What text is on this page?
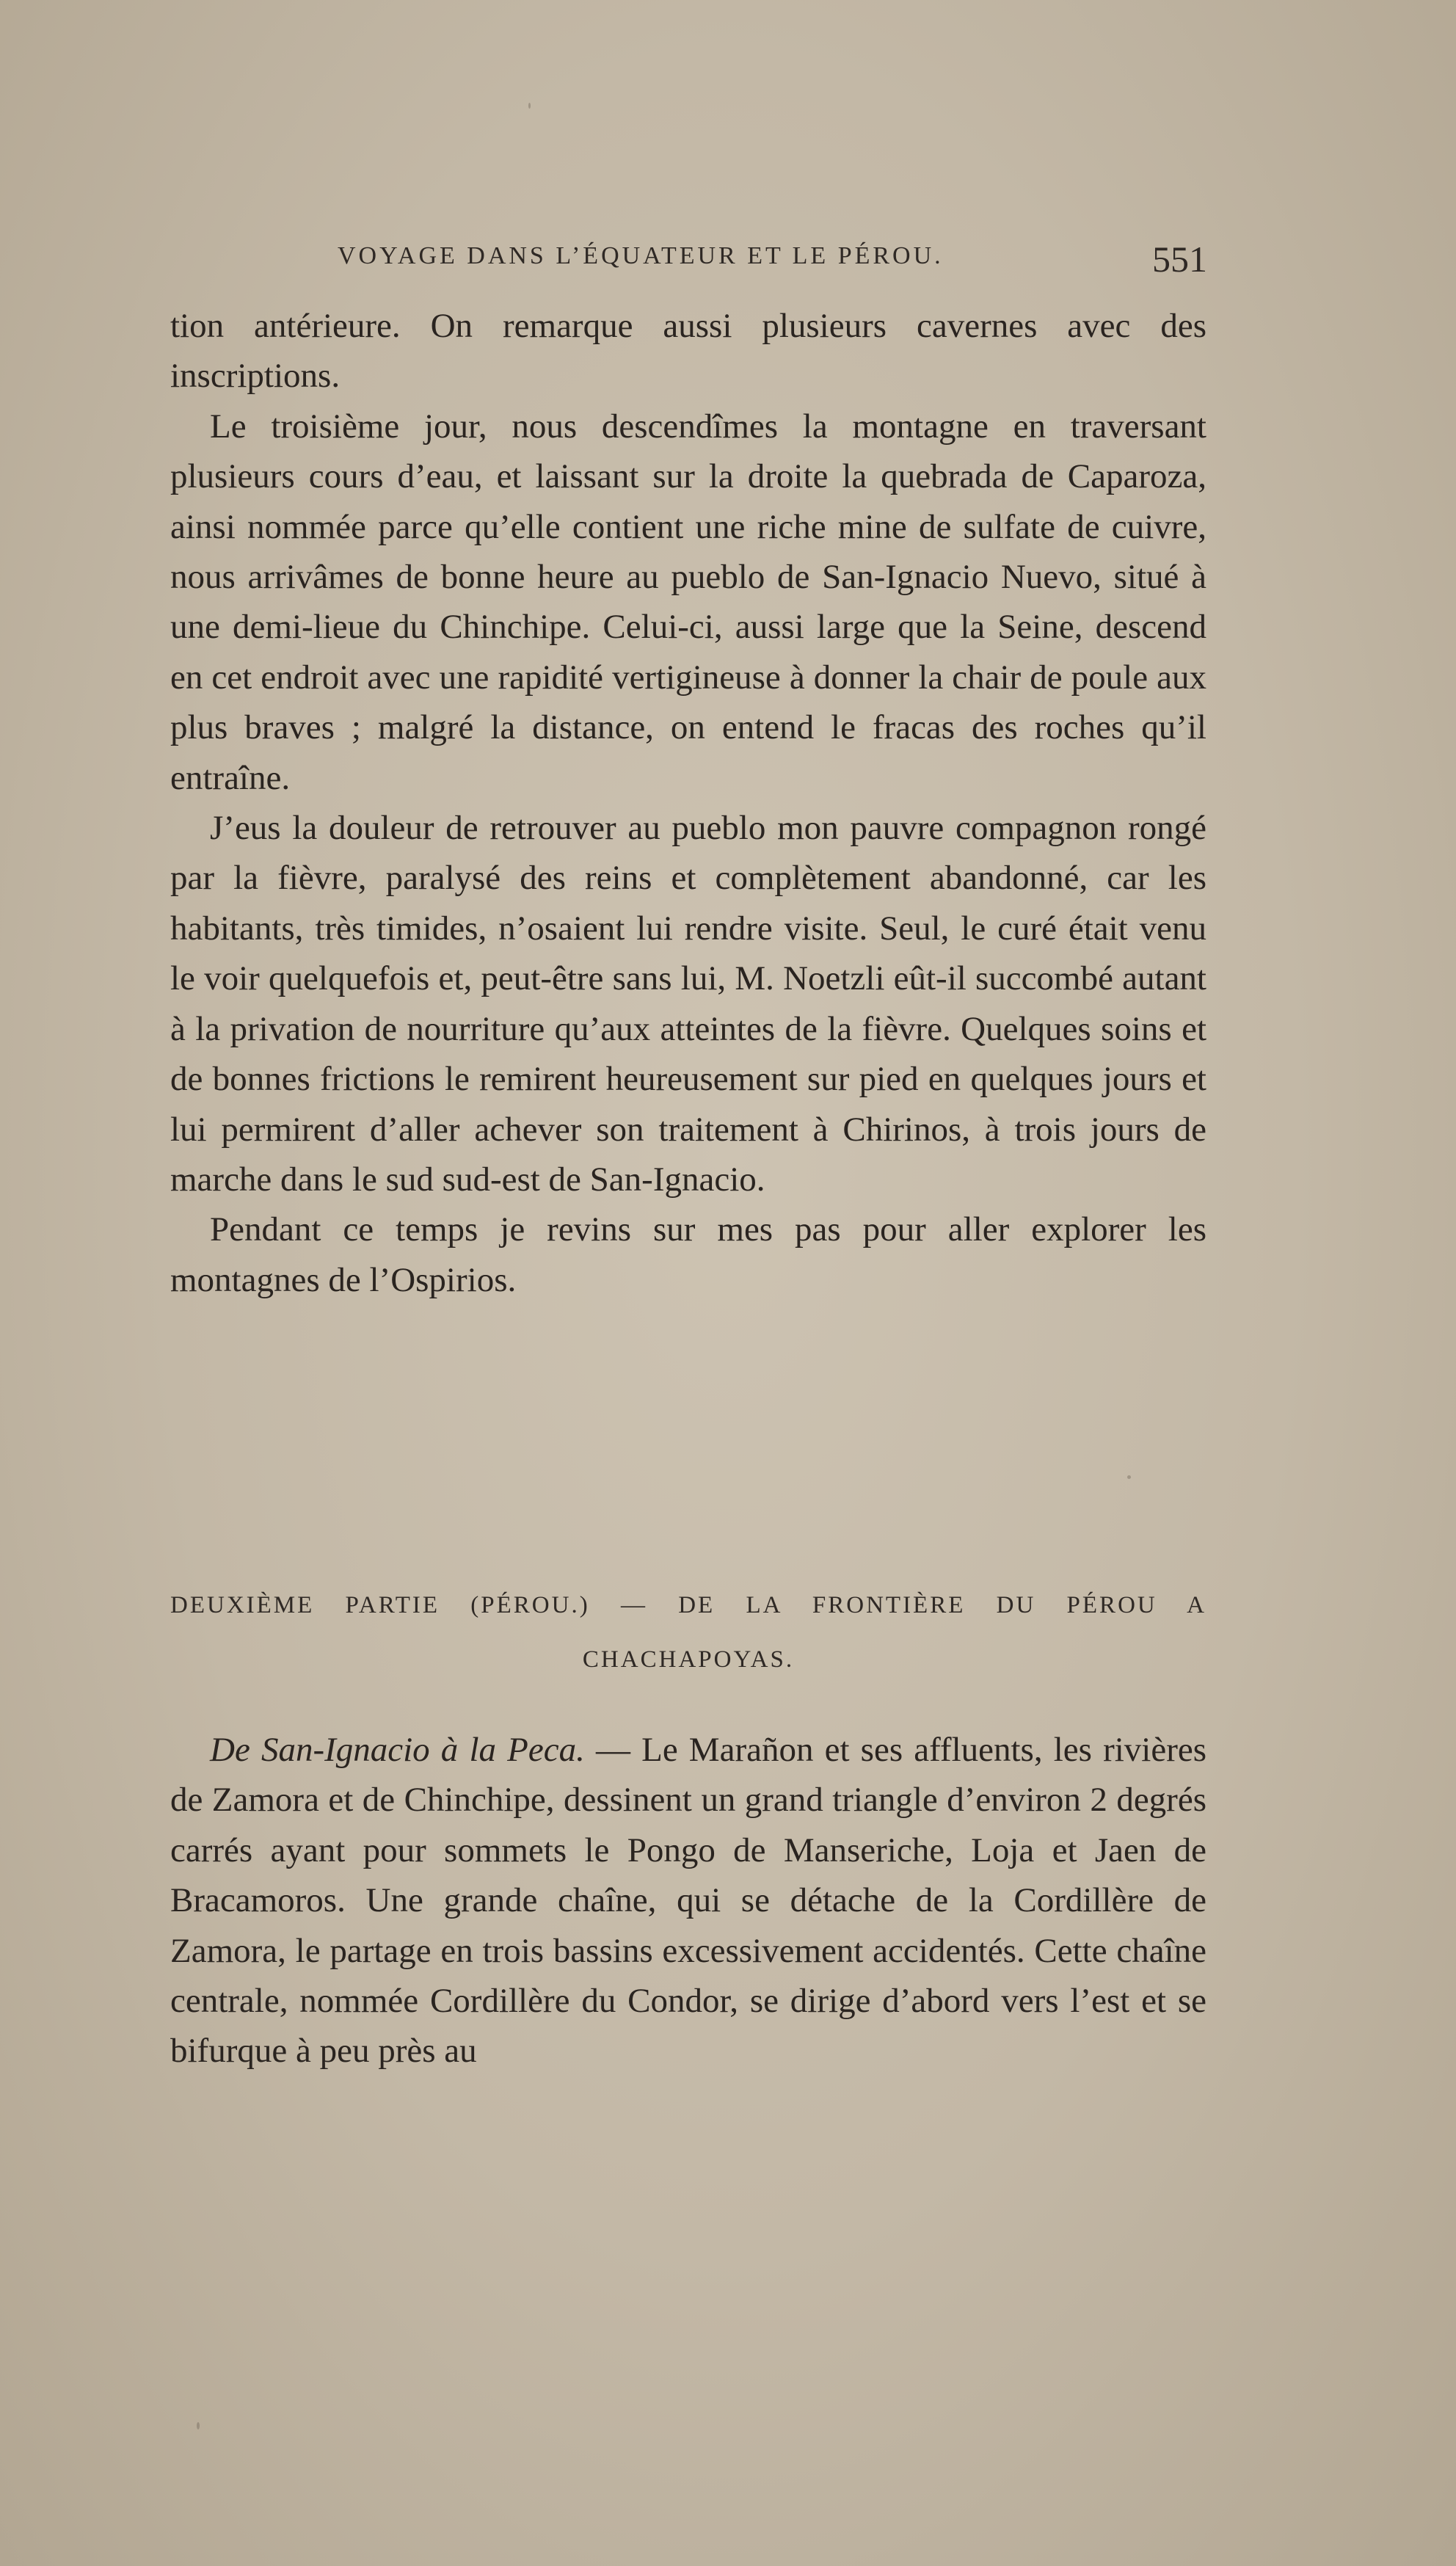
VOYAGE DANS L’ÉQUATEUR ET LE PÉROU.	551

tion antérieure. On remarque aussi plusieurs cavernes avec des inscriptions.

Le troisième jour, nous descendîmes la montagne en traversant plusieurs cours d’eau, et laissant sur la droite la quebrada de Caparoza, ainsi nommée parce qu’elle contient une riche mine de sulfate de cuivre, nous arrivâmes de bonne heure au pueblo de San-Ignacio Nuevo, situé à une demi-lieue du Chinchipe. Celui-ci, aussi large que la Seine, descend en cet endroit avec une rapidité vertigineuse à donner la chair de poule aux plus braves ; malgré la distance, on entend le fracas des roches qu’il entraîne.

J’eus la douleur de retrouver au pueblo mon pauvre compagnon rongé par la fièvre, paralysé des reins et complètement abandonné, car les habitants, très timides, n’osaient lui rendre visite. Seul, le curé était venu le voir quelquefois et, peut-être sans lui, M. Noetzli eût-il succombé autant à la privation de nourriture qu’aux atteintes de la fièvre. Quelques soins et de bonnes frictions le remirent heureusement sur pied en quelques jours et lui permirent d’aller achever son traitement à Chirinos, à trois jours de marche dans le sud sud-est de San-Ignacio.

Pendant ce temps je revins sur mes pas pour aller explorer les montagnes de l’Ospirios.

DEUXIÈME PARTIE (PÉROU.) — DE LA FRONTIÈRE DU PÉROU A
CHACHAPOYAS.

De San-Ignacio à la Peca. — Le Marañon et ses affluents, les rivières de Zamora et de Chinchipe, dessinent un grand triangle d’environ 2 degrés carrés ayant pour sommets le Pongo de Manseriche, Loja et Jaen de Bracamoros. Une grande chaîne, qui se détache de la Cordillère de Zamora, le partage en trois bassins excessivement accidentés. Cette chaîne centrale, nommée Cordillère du Condor, se dirige d’abord vers l’est et se bifurque à peu près au
